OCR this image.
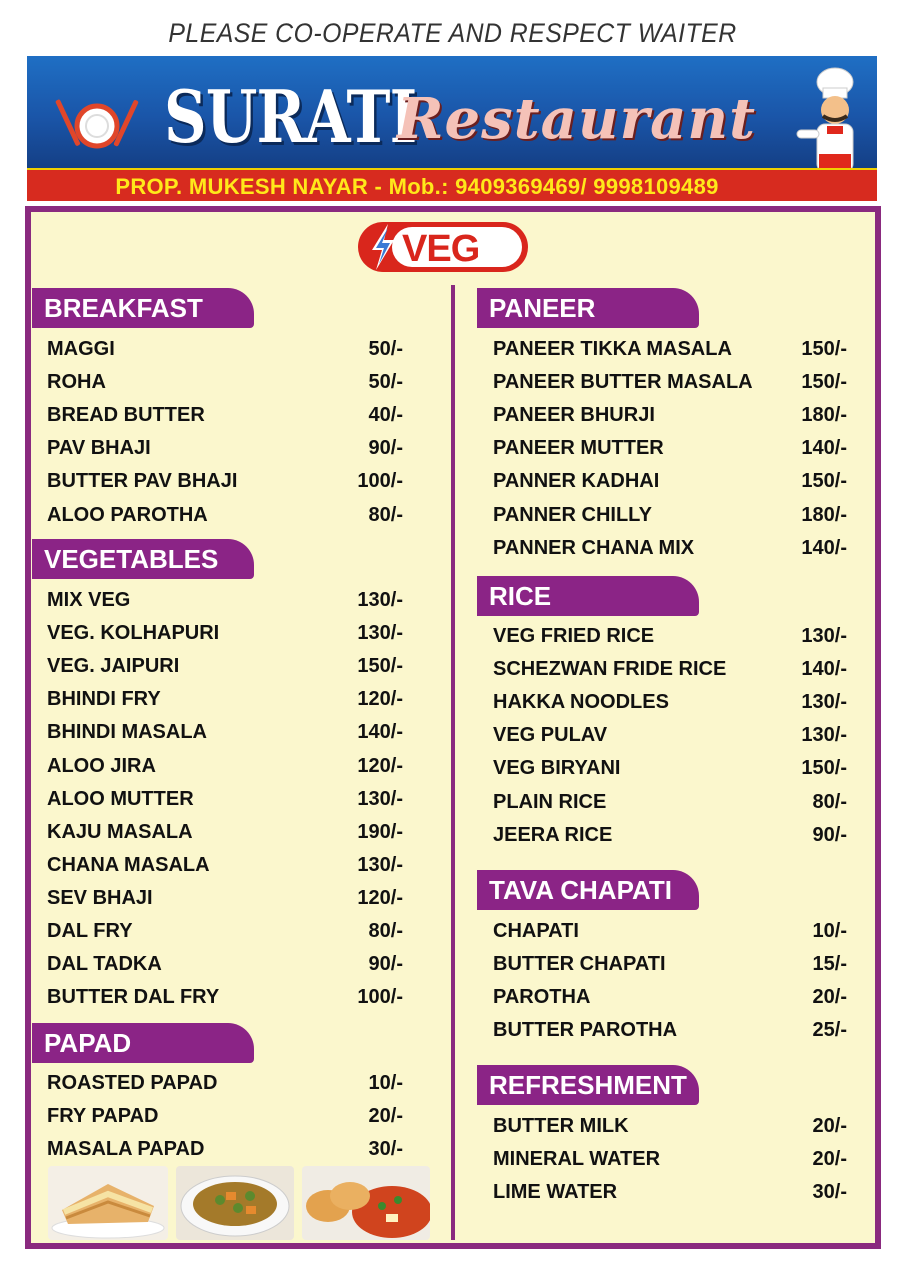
PLEASE CO-OPERATE AND RESPECT WAITER
SURATI
Restaurant
PROP. MUKESH NAYAR - Mob.: 9409369469/ 9998109489
VEG
BREAKFAST
MAGGI	50/-
ROHA	50/-
BREAD BUTTER	40/-
PAV BHAJI	90/-
BUTTER PAV BHAJI	100/-
ALOO PAROTHA	80/-
VEGETABLES
MIX VEG	130/-
VEG. KOLHAPURI	130/-
VEG. JAIPURI	150/-
BHINDI FRY	120/-
BHINDI MASALA	140/-
ALOO JIRA	120/-
ALOO MUTTER	130/-
KAJU MASALA	190/-
CHANA MASALA	130/-
SEV BHAJI	120/-
DAL FRY	80/-
DAL TADKA	90/-
BUTTER DAL FRY	100/-
PAPAD
ROASTED PAPAD	10/-
FRY PAPAD	20/-
MASALA PAPAD	30/-
PANEER
PANEER TIKKA MASALA	150/-
PANEER BUTTER MASALA 150/-
PANEER BHURJI	180/-
PANEER MUTTER	140/-
PANNER KADHAI	150/-
PANNER CHILLY	180/-
PANNER CHANA MIX	140/-
RICE
VEG FRIED RICE	130/-
SCHEZWAN FRIDE RICE	140/-
HAKKA NOODLES	130/-
VEG PULAV	130/-
VEG BIRYANI	150/-
PLAIN RICE	80/-
JEERA RICE	90/-
TAVA CHAPATI
CHAPATI	10/-
BUTTER CHAPATI	15/-
PAROTHA	20/-
BUTTER PAROTHA	25/-
REFRESHMENT
BUTTER MILK	20/-
MINERAL WATER	20/-
LIME WATER	30/-
